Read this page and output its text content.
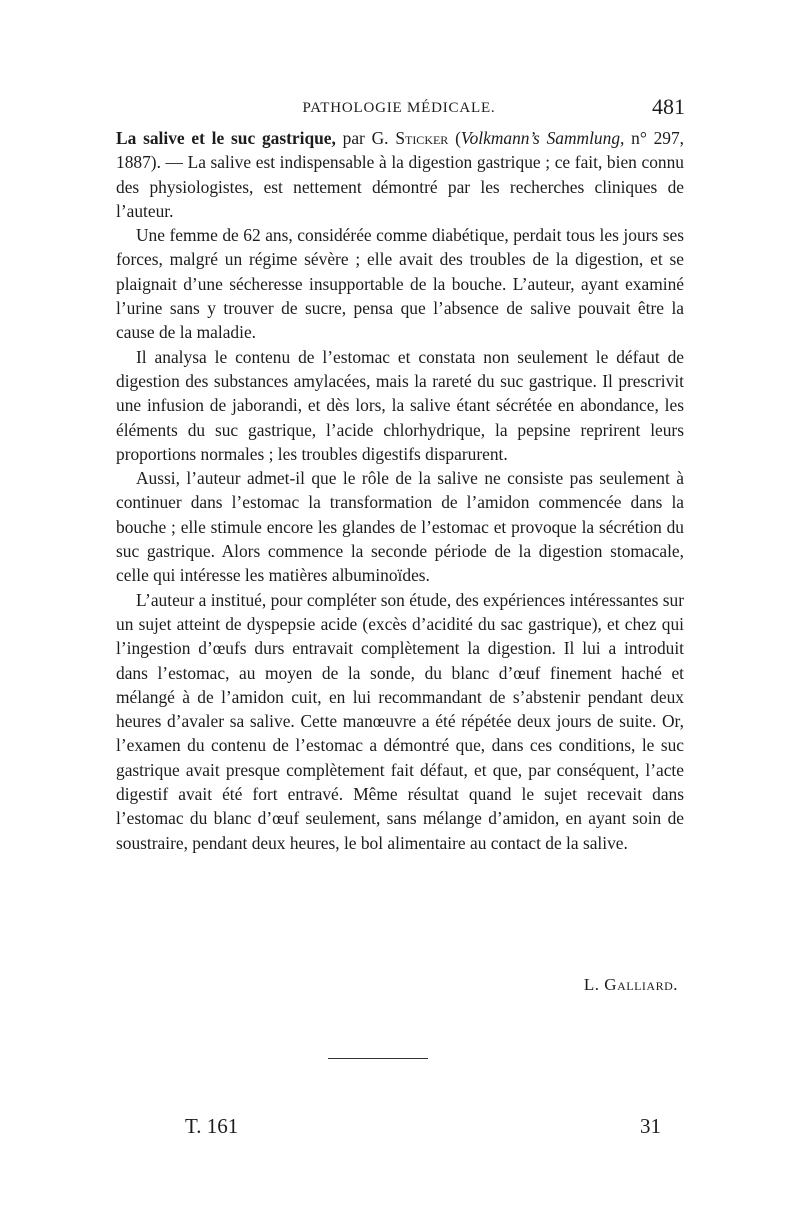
PATHOLOGIE MÉDICALE.	481

La salive et le suc gastrique, par G. Sticker (Volkmann’s Sammlung, n° 297, 1887). — La salive est indispensable à la digestion gastrique ; ce fait, bien connu des physiologistes, est nettement démontré par les recherches cliniques de l’auteur.

Une femme de 62 ans, considérée comme diabétique, perdait tous les jours ses forces, malgré un régime sévère ; elle avait des troubles de la digestion, et se plaignait d’une sécheresse insupportable de la bouche. L’auteur, ayant examiné l’urine sans y trouver de sucre, pensa que l’absence de salive pouvait être la cause de la maladie.

Il analysa le contenu de l’estomac et constata non seulement le défaut de digestion des substances amylacées, mais la rareté du suc gastrique. Il prescrivit une infusion de jaborandi, et dès lors, la salive étant sécrétée en abondance, les éléments du suc gastrique, l’acide chlorhydrique, la pepsine reprirent leurs proportions normales ; les troubles digestifs disparurent.

Aussi, l’auteur admet-il que le rôle de la salive ne consiste pas seulement à continuer dans l’estomac la transformation de l’amidon commencée dans la bouche ; elle stimule encore les glandes de l’estomac et provoque la sécrétion du suc gastrique. Alors commence la seconde période de la digestion stomacale, celle qui intéresse les matières albuminoïdes.

L’auteur a institué, pour compléter son étude, des expériences intéressantes sur un sujet atteint de dyspepsie acide (excès d’acidité du sac gastrique), et chez qui l’ingestion d’œufs durs entravait complètement la digestion. Il lui a introduit dans l’estomac, au moyen de la sonde, du blanc d’œuf finement haché et mélangé à de l’amidon cuit, en lui recommandant de s’abstenir pendant deux heures d’avaler sa salive. Cette manœuvre a été répétée deux jours de suite. Or, l’examen du contenu de l’estomac a démontré que, dans ces conditions, le suc gastrique avait presque complètement fait défaut, et que, par conséquent, l’acte digestif avait été fort entravé. Même résultat quand le sujet recevait dans l’estomac du blanc d’œuf seulement, sans mélange d’amidon, en ayant soin de soustraire, pendant deux heures, le bol alimentaire au contact de la salive.

L. Galliard.
T. 161	31
